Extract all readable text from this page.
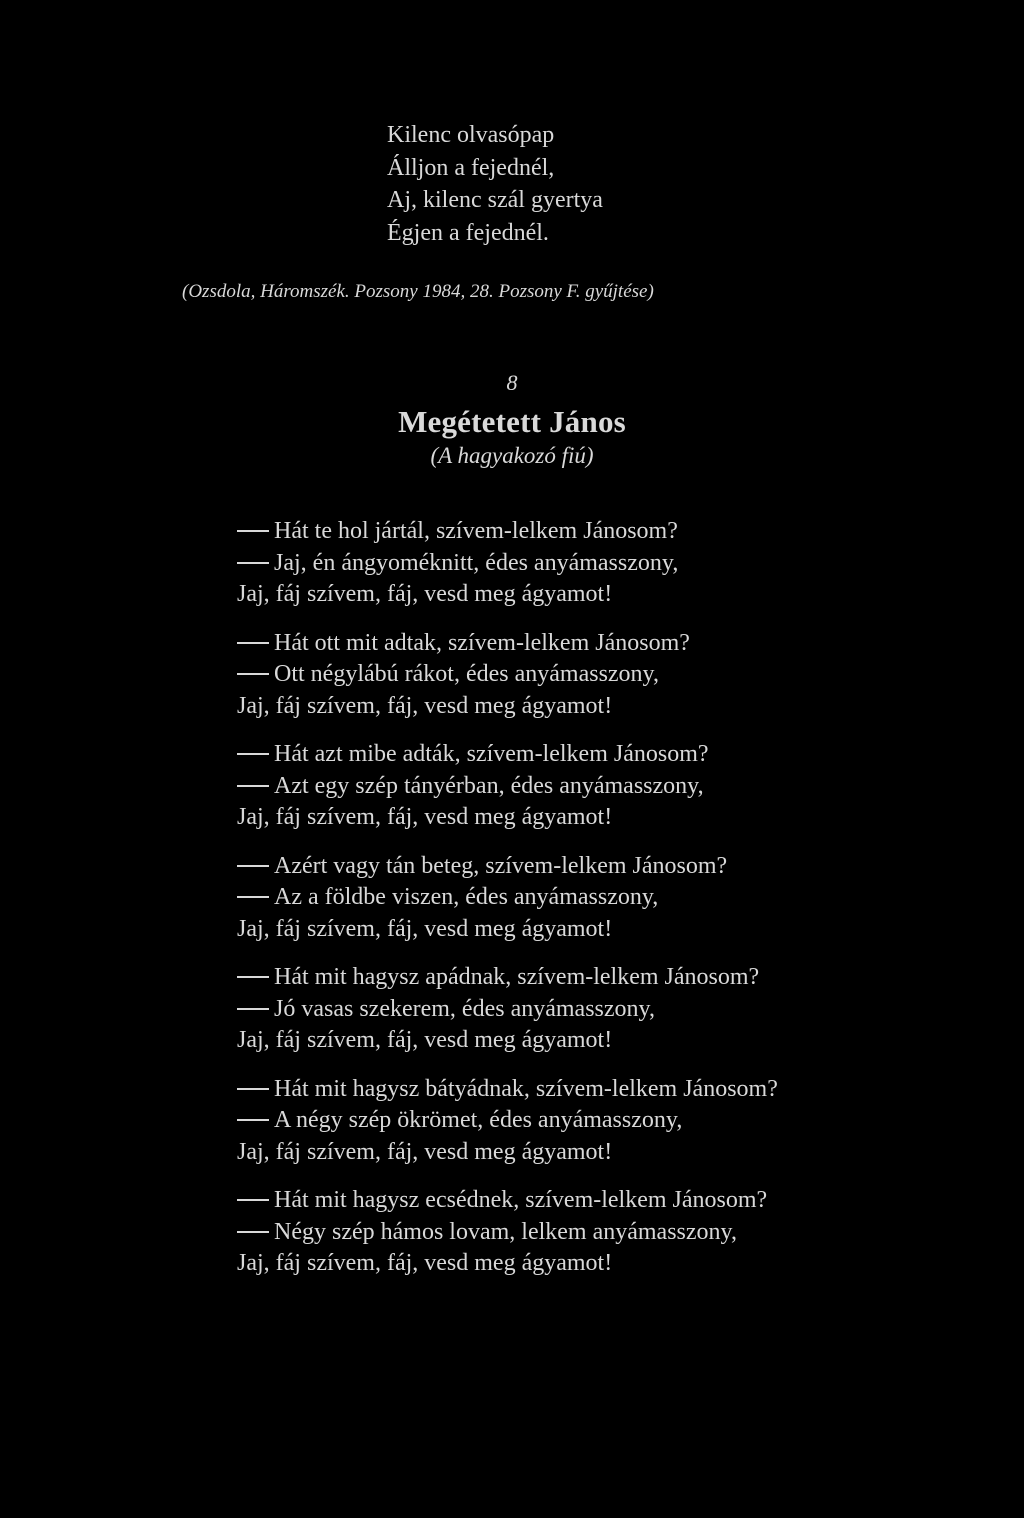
Kilenc olvasópap
Álljon a fejednél,
Aj, kilenc szál gyertya
Égjen a fejednél.
(Ozsdola, Háromszék. Pozsony 1984, 28. Pozsony F. gyűjtése)
8
Megétetett János
(A hagyakozó fiú)
Hát te hol jártál, szívem-lelkem Jánosom?
Jaj, én ángyoméknitt, édes anyámasszony,
Jaj, fáj szívem, fáj, vesd meg ágyamot!
Hát ott mit adtak, szívem-lelkem Jánosom?
Ott négylábú rákot, édes anyámasszony,
Jaj, fáj szívem, fáj, vesd meg ágyamot!
Hát azt mibe adták, szívem-lelkem Jánosom?
Azt egy szép tányérban, édes anyámasszony,
Jaj, fáj szívem, fáj, vesd meg ágyamot!
Azért vagy tán beteg, szívem-lelkem Jánosom?
Az a földbe viszen, édes anyámasszony,
Jaj, fáj szívem, fáj, vesd meg ágyamot!
Hát mit hagysz apádnak, szívem-lelkem Jánosom?
Jó vasas szekerem, édes anyámasszony,
Jaj, fáj szívem, fáj, vesd meg ágyamot!
Hát mit hagysz bátyádnak, szívem-lelkem Jánosom?
A négy szép ökrömet, édes anyámasszony,
Jaj, fáj szívem, fáj, vesd meg ágyamot!
Hát mit hagysz ecsédnek, szívem-lelkem Jánosom?
Négy szép hámos lovam, lelkem anyámasszony,
Jaj, fáj szívem, fáj, vesd meg ágyamot!
